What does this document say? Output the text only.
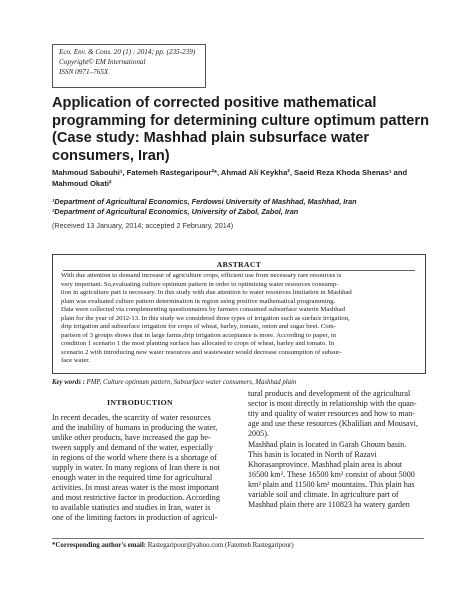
Eco. Env. & Cons. 20 (1) : 2014; pp. (235-239)
Copyright© EM International
ISSN 0971–765X
Application of corrected positive mathematical
programming for determining culture optimum pattern
(Case study: Mashhad plain subsurface water
consumers, Iran)
Mahmoud Sabouhi¹, Fatemeh Rastegaripour²*, Ahmad Ali Keykha², Saeid Reza Khoda Shenas¹ and
Mahmoud Okati²
¹Department of Agricultural Economics, Ferdowsi University of Mashhad, Mashhad, Iran
²Department of Agricultural Economics, University of Zabol, Zabol, Iran
(Received 13 January, 2014; accepted 2 February, 2014)
ABSTRACT
With due attention to demand increase of agriculture crops, efficient use from necessary rare resources is
very important. So,evaluating culture optimum pattern in order to optimizing water resources consump-
tion in agriculture part is necessary. In this study with due attention to water resources limitation in Mashhad
plain was evaluated culture pattern determination in region using positive mathematical programming.
Data were collected via complementing questionnaires by farmers consumed subsurface waterin Mashhad
plain for the year of 2012-13. In this study we considered three types of irrigation such as surface irrigation,
drip irrigation and subsurface irrigation for crops of wheat, barley, tomato, onion and sugar beet. Com-
parison of 3 groups shows that in large farms,drip irrigation acceptance is more. According to paper, in
condition 1 scenario 1 the most planting surface has allocated to crops of wheat, barley and tomato. In
scenario 2 with introducing new water resources and wastewater would decrease consumption of subsur-
face water.
Key words : PMP, Culture optimum pattern, Subsurface water consumers, Mashhad plain
INTRODUCTION
In recent decades, the scarcity of water resources
and the inability of humans in producing the water,
unlike other products, have increased the gap be-
tween supply and demand of the water, especially
in regions of the world where there is a shortage of
supply in water. In many regions of Iran there is not
enough water in the required time for agricultural
activities. In most areas water is the most important
and most restrictive factor in production. According
to available statistics and studies in Iran, water is
one of the limiting factors in production of agricul-
tural products and development of the agricultural
sector is most directly in relationship with the quan-
tity and quality of water resources and how to man-
age and use these resources (Khalilian and Mousavi,
2005).
Mashhad plain is located in Garah Ghoum basin.
This basin is located in North of Razavi
Khorasanprovince. Mashhad plain area is about
16500 km². These 16500 km² consist of about 5000
km² plain and 11500 km² mountains. This plain has
variable soil and climate. In agriculture part of
Mashhad plain there are 110823 ha watery garden
*Corresponding author's email: Rastegaripour@yahoo.com (Fatemeh Rastegaripour)
